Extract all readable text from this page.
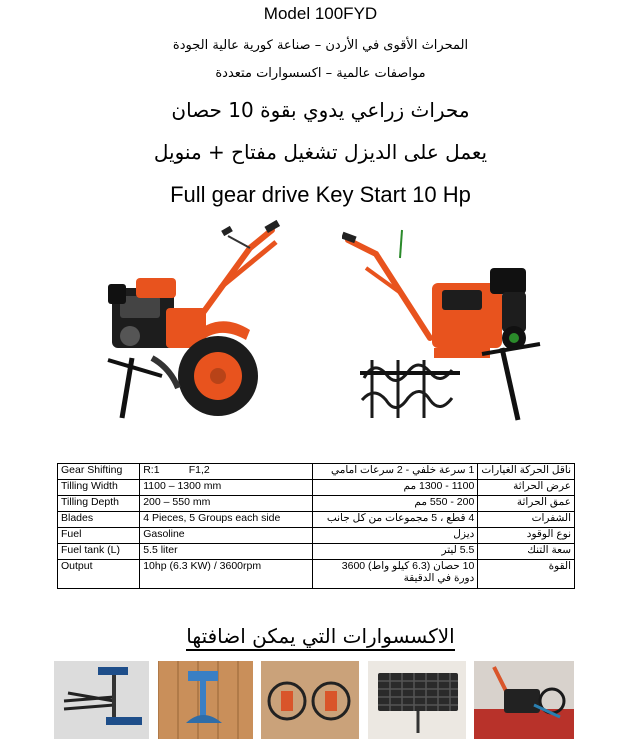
Model 100FYD
المحراث الأقوى في الأردن – صناعة كورية عالية الجودة
مواصفات عالمية – اكسسوارات متعددة
محراث زراعي يدوي بقوة 10 حصان
يعمل على الديزل تشغيل مفتاح + منويل
Full gear drive Key Start 10 Hp
Gear Shifting	R:1          F1,2	1 سرعة خلفي - 2 سرعات امامي	ناقل الحركة الغيارات
Tilling Width	1100 – 1300 mm	1100 - 1300 مم	عرض الحراثة
Tilling Depth	200 – 550 mm	200 - 550 مم	عمق الحراثة
Blades	4 Pieces, 5 Groups each side	4 قطع ، 5 مجموعات من كل جانب	الشفرات
Fuel	Gasoline	ديزل	نوع الوقود
Fuel tank (L)	5.5 liter	5.5 ليتر	سعة التنك
Output	10hp (6.3 KW) / 3600rpm	10 حصان (6.3 كيلو واط) 3600
دورة في الدقيقة	القوة
الاكسسوارات التي يمكن اضافتها
